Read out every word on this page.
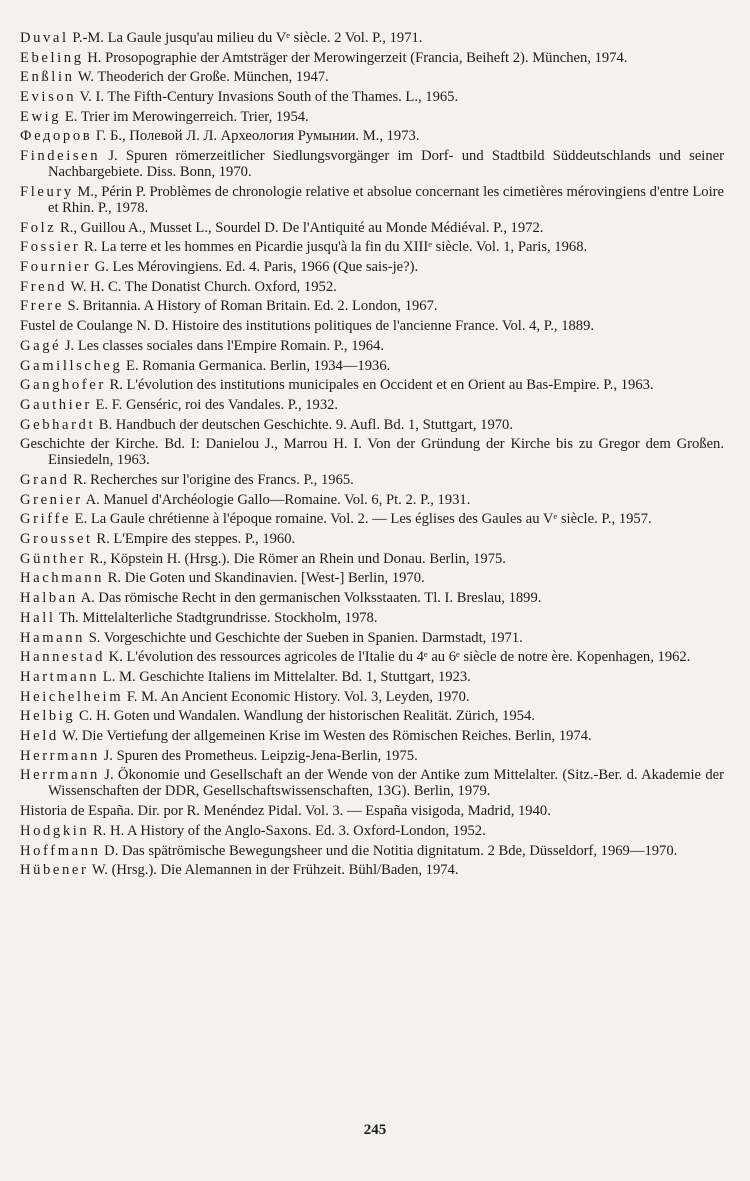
Duval P.-M. La Gaule jusqu'au milieu du Vᵉ siècle. 2 Vol. P., 1971.

Ebeling H. Prosopographie der Amtsträger der Merowingerzeit (Francia, Beiheft 2). München, 1974.

Enßlin W. Theoderich der Große. München, 1947.

Evison V. I. The Fifth-Century Invasions South of the Thames. L., 1965.

Ewig E. Trier im Merowingerreich. Trier, 1954.

Федоров Г. Б., Полевой Л. Л. Археология Румынии. М., 1973.

Findeisen J. Spuren römerzeitlicher Siedlungsvorgänger im Dorf- und Stadtbild Süddeutschlands und seiner Nachbargebiete. Diss. Bonn, 1970.

Fleury M., Périn P. Problèmes de chronologie relative et absolue concernant les cimetières mérovingiens d'entre Loire et Rhin. P., 1978.

Folz R., Guillou A., Musset L., Sourdel D. De l'Antiquité au Monde Médiéval. P., 1972.

Fossier R. La terre et les hommes en Picardie jusqu'à la fin du XIIIᵉ siècle. Vol. 1, Paris, 1968.

Fournier G. Les Mérovingiens. Ed. 4. Paris, 1966 (Que sais-je?).

Frend W. H. C. The Donatist Church. Oxford, 1952.

Frere S. Britannia. A History of Roman Britain. Ed. 2. London, 1967.

Fustel de Coulange N. D. Histoire des institutions politiques de l'ancienne France. Vol. 4, P., 1889.

Gagé J. Les classes sociales dans l'Empire Romain. P., 1964.

Gamillscheg E. Romania Germanica. Berlin, 1934—1936.

Ganghofer R. L'évolution des institutions municipales en Occident et en Orient au Bas-Empire. P., 1963.

Gauthier E. F. Genséric, roi des Vandales. P., 1932.

Gebhardt B. Handbuch der deutschen Geschichte. 9. Aufl. Bd. 1, Stuttgart, 1970.

Geschichte der Kirche. Bd. I: Danielou J., Marrou H. I. Von der Gründung der Kirche bis zu Gregor dem Großen. Einsiedeln, 1963.

Grand R. Recherches sur l'origine des Francs. P., 1965.

Grenier A. Manuel d'Archéologie Gallo—Romaine. Vol. 6, Pt. 2. P., 1931.

Griffe E. La Gaule chrétienne à l'époque romaine. Vol. 2. — Les églises des Gaules au Vᵉ siècle. P., 1957.

Grousset R. L'Empire des steppes. P., 1960.

Günther R., Köpstein H. (Hrsg.). Die Römer an Rhein und Donau. Berlin, 1975.

Hachmann R. Die Goten und Skandinavien. [West-] Berlin, 1970.

Halban A. Das römische Recht in den germanischen Volksstaaten. Tl. I. Breslau, 1899.

Hall Th. Mittelalterliche Stadtgrundrisse. Stockholm, 1978.

Hamann S. Vorgeschichte und Geschichte der Sueben in Spanien. Darmstadt, 1971.

Hannestad K. L'évolution des ressources agricoles de l'Italie du 4ᵉ au 6ᵉ siècle de notre ère. Kopenhagen, 1962.

Hartmann L. M. Geschichte Italiens im Mittelalter. Bd. 1, Stuttgart, 1923.

Heichelheim F. M. An Ancient Economic History. Vol. 3, Leyden, 1970.

Helbig C. H. Goten und Wandalen. Wandlung der historischen Realität. Zürich, 1954.

Held W. Die Vertiefung der allgemeinen Krise im Westen des Römischen Reiches. Berlin, 1974.

Herrmann J. Spuren des Prometheus. Leipzig-Jena-Berlin, 1975.

Herrmann J. Ökonomie und Gesellschaft an der Wende von der Antike zum Mittelalter. (Sitz.-Ber. d. Akademie der Wissenschaften der DDR, Gesellschaftswissenschaften, 13G). Berlin, 1979.

Historia de España. Dir. por R. Menéndez Pidal. Vol. 3. — España visigoda, Madrid, 1940.

Hodgkin R. H. A History of the Anglo-Saxons. Ed. 3. Oxford-London, 1952.

Hoffmann D. Das spätrömische Bewegungsheer und die Notitia dignitatum. 2 Bde, Düsseldorf, 1969—1970.

Hübener W. (Hrsg.). Die Alemannen in der Frühzeit. Bühl/Baden, 1974.

245
